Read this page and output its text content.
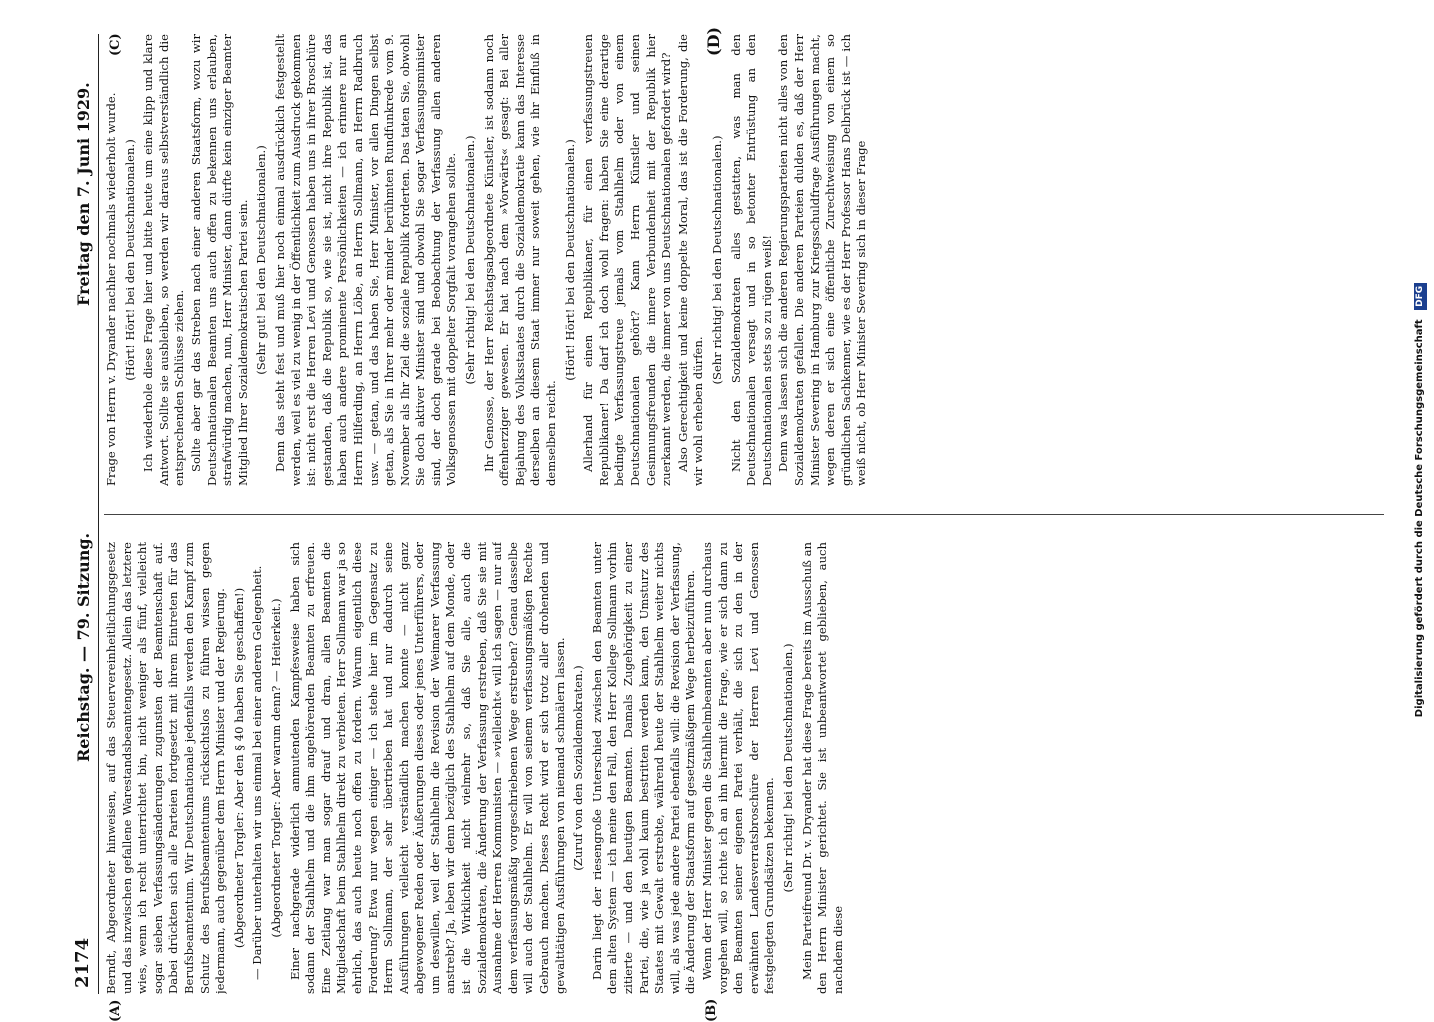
2174
Reichstag. — 79. Sitzung.
Freitag den 7. Juni 1929.
(A)	(B)
(C)	(D)

Berndt, Abgeordneter hinweisen, auf das Steuervereinheitlichungsgesetz und das inzwischen gefallene Warestandsbeamtengesetz. Allein das letztere wies, wenn ich recht unterrichtet bin, nicht weniger als fünf, vielleicht sogar sieben Verfassungsänderungen zugunsten der Beamtenschaft auf. Dabei drückten sich alle Parteien fortgesetzt mit ihrem Eintreten für das Berufsbeamtentum. Wir Deutschnationale jedenfalls werden den Kampf zum Schutz des Berufsbeamtentums rücksichtslos zu führen wissen gegen jedermann, auch gegenüber dem Herrn Minister und der Regierung. (Abgeordneter Torgler: Aber den § 40 haben Sie geschaffen!) — Darüber unterhalten wir uns einmal bei einer anderen Gelegenheit. (Abgeordneter Torgler: Aber warum denn? — Heiterkeit.) Einer nachgerade widerlich anmutenden Kampfesweise haben sich sodann der Stahlhelm und die ihm angehörenden Beamten zu erfreuen. Eine Zeitlang war man sogar drauf und dran, allen Beamten die Mitgliedschaft beim Stahlhelm direkt zu verbieten. Herr Sollmann war ja so ehrlich, das auch heute noch offen zu fordern. Warum eigentlich diese Forderung? Etwa nur wegen einiger — ich stehe hier im Gegensatz zu Herrn Sollmann, der sehr übertrieben hat und nur dadurch seine Ausführungen vielleicht verständlich machen konnte — nicht ganz abgewogener Reden oder Äußerungen dieses oder jenes Unterführers, oder um deswillen, weil der Stahlhelm die Revision der Weimarer Verfassung anstrebt? Ja, leben wir denn bezüglich des Stahlhelm auf dem Monde, oder ist die Wirklichkeit nicht vielmehr so, daß Sie alle, auch die Sozialdemokraten, die Änderung der Verfassung erstreben, daß Sie sie mit Ausnahme der Herren Kommunisten — »vielleicht« will ich sagen — nur auf dem verfassungsmäßig vorgeschriebenen Wege erstreben? Genau dasselbe will auch der Stahlhelm. Er will von seinem verfassungsmäßigen Rechte Gebrauch machen. Dieses Recht wird er sich trotz aller drohenden und gewalttätigen Ausführungen von niemand schmälern lassen. (Zuruf von den Sozialdemokraten.) Darin liegt der riesengroße Unterschied zwischen den Beamten unter dem alten System — ich meine den Fall, den Herr Kollege Sollmann vorhin zitierte — und den heutigen Beamten. Damals Zugehörigkeit zu einer Partei, die, wie ja wohl kaum bestritten werden kann, den Umsturz des Staates mit Gewalt erstrebte, während heute der Stahlhelm weiter nichts will, als was jede andere Partei ebenfalls will: die Revision der Verfassung, die Änderung der Staatsform auf gesetzmäßigem Wege herbeizuführen. Wenn der Herr Minister gegen die Stahlhelmbeamten aber nun durchaus vorgehen will, so richte ich an ihn hiermit die Frage, wie er sich dann zu den Beamten seiner eigenen Partei verhält, die sich zu den in der erwähnten Landesverratsbroschüre der Herren Levi und Genossen festgelegten Grundsätzen bekennen. (Sehr richtig! bei den Deutschnationalen.) Mein Parteifreund Dr. v. Dryander hat diese Frage bereits im Ausschuß an den Herrn Minister gerichtet. Sie ist unbeantwortet geblieben, auch nachdem diese

Frage von Herrn v. Dryander nachher nochmals wiederholt wurde. (Hört! Hört! bei den Deutschnationalen.) Ich wiederhole diese Frage hier und bitte heute um eine klipp und klare Antwort. Sollte sie ausbleiben, so werden wir daraus selbstverständlich die entsprechenden Schlüsse ziehen. Sollte aber gar das Streben nach einer anderen Staatsform, wozu wir Deutschnationalen Beamten uns auch offen zu bekennen uns erlauben, strafwürdig machen, nun, Herr Minister, dann dürfte kein einziger Beamter Mitglied Ihrer Sozialdemokratischen Partei sein. (Sehr gut! bei den Deutschnationalen.) Denn das steht fest und muß hier noch einmal ausdrücklich festgestellt werden, weil es viel zu wenig in der Öffentlichkeit zum Ausdruck gekommen ist: nicht erst die Herren Levi und Genossen haben uns in ihrer Broschüre gestanden, daß die Republik so, wie sie ist, nicht ihre Republik ist, das haben auch andere prominente Persönlichkeiten — ich erinnere nur an Herrn Hilferding, an Herrn Löbe, an Herrn Sollmann, an Herrn Radbruch usw. — getan, und das haben Sie, Herr Minister, vor allen Dingen selbst getan, als Sie in Ihrer mehr oder minder berühmten Rundfunkrede vom 9. November als Ihr Ziel die soziale Republik forderten. Das taten Sie, obwohl Sie doch aktiver Minister sind und obwohl Sie sogar Verfassungsminister sind, der doch gerade bei Beobachtung der Verfassung allen anderen Volksgenossen mit doppelter Sorgfalt vorangehen sollte. (Sehr richtig! bei den Deutschnationalen.) Ihr Genosse, der Herr Reichstagsabgeordnete Künstler, ist sodann noch offenherziger gewesen. Er hat nach dem »Vorwärts« gesagt: Bei aller Bejahung des Volksstaates durch die Sozialdemokratie kann das Interesse derselben an diesem Staat immer nur soweit gehen, wie ihr Einfluß in demselben reicht.

(Hört! Hört! bei den Deutschnationalen.) Allerhand für einen Republikaner, für einen verfassungstreuen Republikaner! Da darf ich doch wohl fragen: haben Sie eine derartige bedingte Verfassungstreue jemals vom Stahlhelm oder von einem Deutschnationalen gehört? Kann Herrn Künstler und seinen Gesinnungsfreunden die innere Verbundenheit mit der Republik hier zuerkannt werden, die immer von uns Deutschnationalen gefordert wird? Also Gerechtigkeit und keine doppelte Moral, das ist die Forderung, die wir wohl erheben dürfen.

(Sehr richtig! bei den Deutschnationalen.) Nicht den Sozialdemokraten alles gestatten, was man den Deutschnationalen versagt und in so betonter Entrüstung an den Deutschnationalen stets so zu rügen weiß! Denn was lassen sich die anderen Regierungsparteien nicht alles von den Sozialdemokraten gefallen. Die anderen Parteien dulden es, daß der Herr Minister Severing in Hamburg zur Kriegsschuldfrage Ausführungen macht, wegen deren er sich eine öffentliche Zurechtweisung von einem so gründlichen Sachkenner, wie es der Herr Professor Hans Delbrück ist — ich weiß nicht, ob Herr Minister Severing sich in dieser Frage

Digitalisierung gefördert durch die Deutsche Forschungsgemeinschaft DFG
